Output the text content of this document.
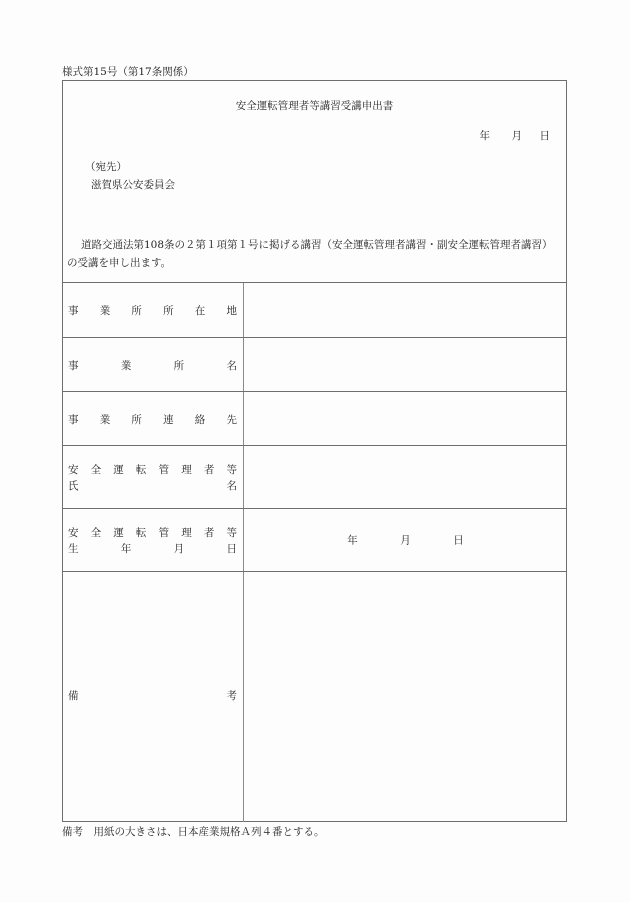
様式第15号（第17条関係）
安全運転管理者等講習受講申出書
年	月	日
（宛先）
滋賀県公安委員会
道路交通法第108条の２第１項第１号に掲げる講習（安全運転管理者講習・副安全運転管理者講習）の受講を申し出ます。
事 業 所 所 在 地
事	業	所	名
事 業 所 連 絡 先
安 全 運 転 管 理 者 等
氏	名
安 全 運 転 管 理 者 等
生	年	月	日
年	月	日
備	考
備考　用紙の大きさは、日本産業規格Ａ列４番とする。
